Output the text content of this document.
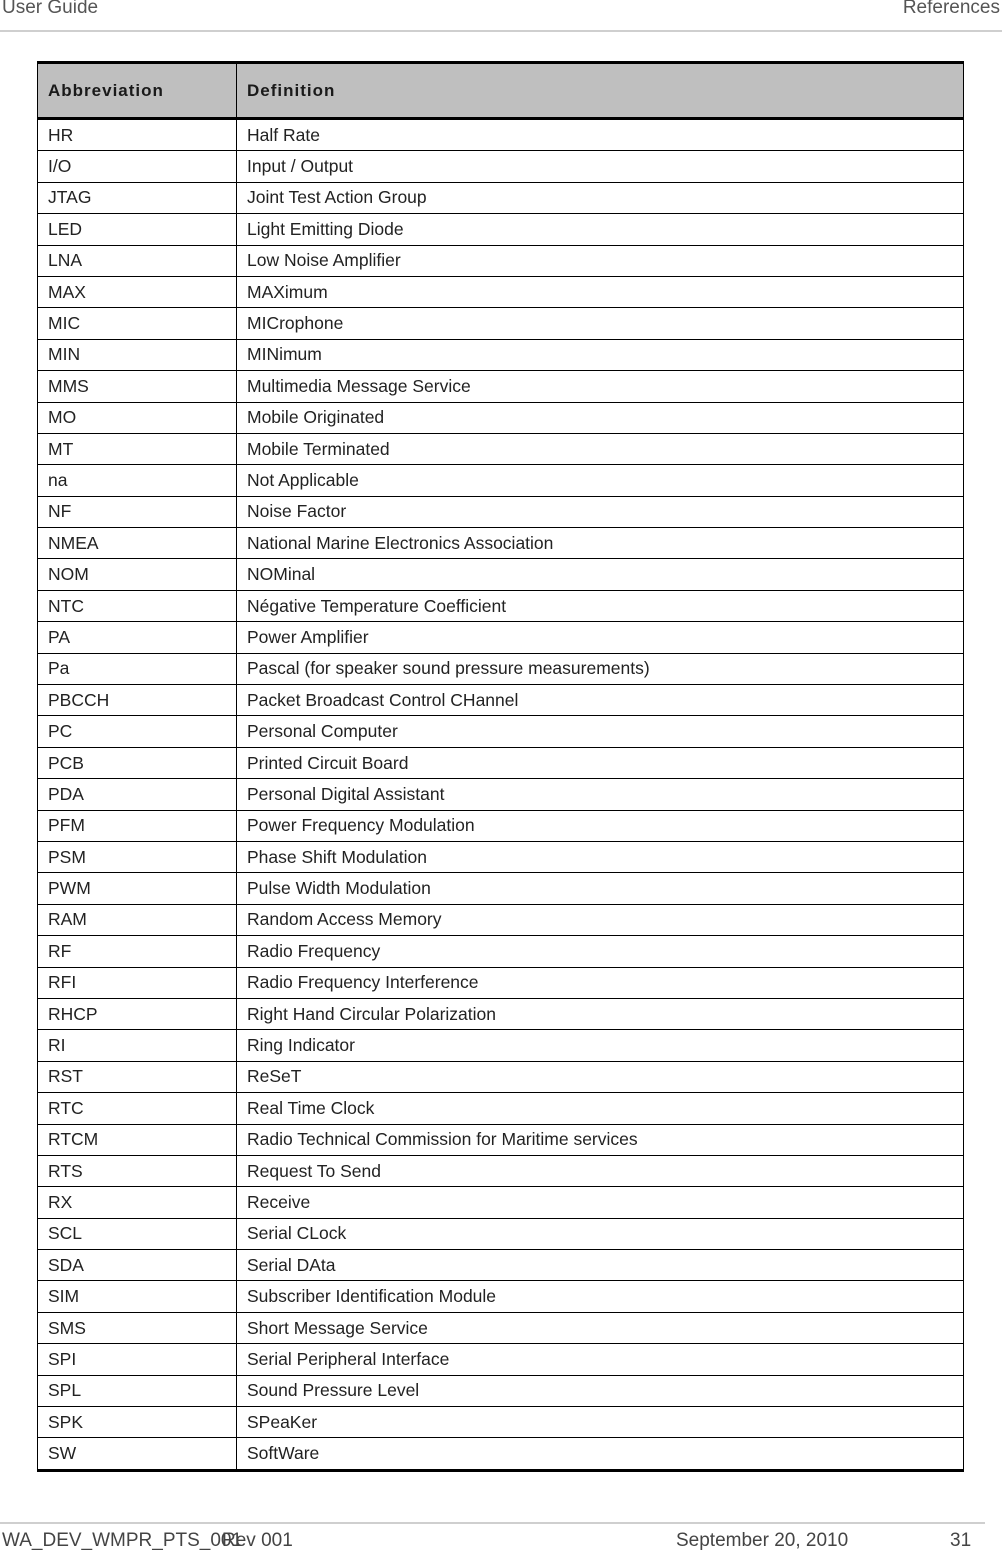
User Guide	References
Abbreviation	Definition
HR	Half Rate
I/O	Input / Output
JTAG	Joint Test Action Group
LED	Light Emitting Diode
LNA	Low Noise Amplifier
MAX	MAXimum
MIC	MICrophone
MIN	MINimum
MMS	Multimedia Message Service
MO	Mobile Originated
MT	Mobile Terminated
na	Not Applicable
NF	Noise Factor
NMEA	National Marine Electronics Association
NOM	NOMinal
NTC	Négative Temperature Coefficient
PA	Power Amplifier
Pa	Pascal (for speaker sound pressure measurements)
PBCCH	Packet Broadcast Control CHannel
PC	Personal Computer
PCB	Printed Circuit Board
PDA	Personal Digital Assistant
PFM	Power Frequency Modulation
PSM	Phase Shift Modulation
PWM	Pulse Width Modulation
RAM	Random Access Memory
RF	Radio Frequency
RFI	Radio Frequency Interference
RHCP	Right Hand Circular Polarization
RI	Ring Indicator
RST	ReSeT
RTC	Real Time Clock
RTCM	Radio Technical Commission for Maritime services
RTS	Request To Send
RX	Receive
SCL	Serial CLock
SDA	Serial DAta
SIM	Subscriber Identification Module
SMS	Short Message Service
SPI	Serial Peripheral Interface
SPL	Sound Pressure Level
SPK	SPeaKer
SW	SoftWare
WA_DEV_WMPR_PTS_001
Rev 001	September 20, 2010	31
